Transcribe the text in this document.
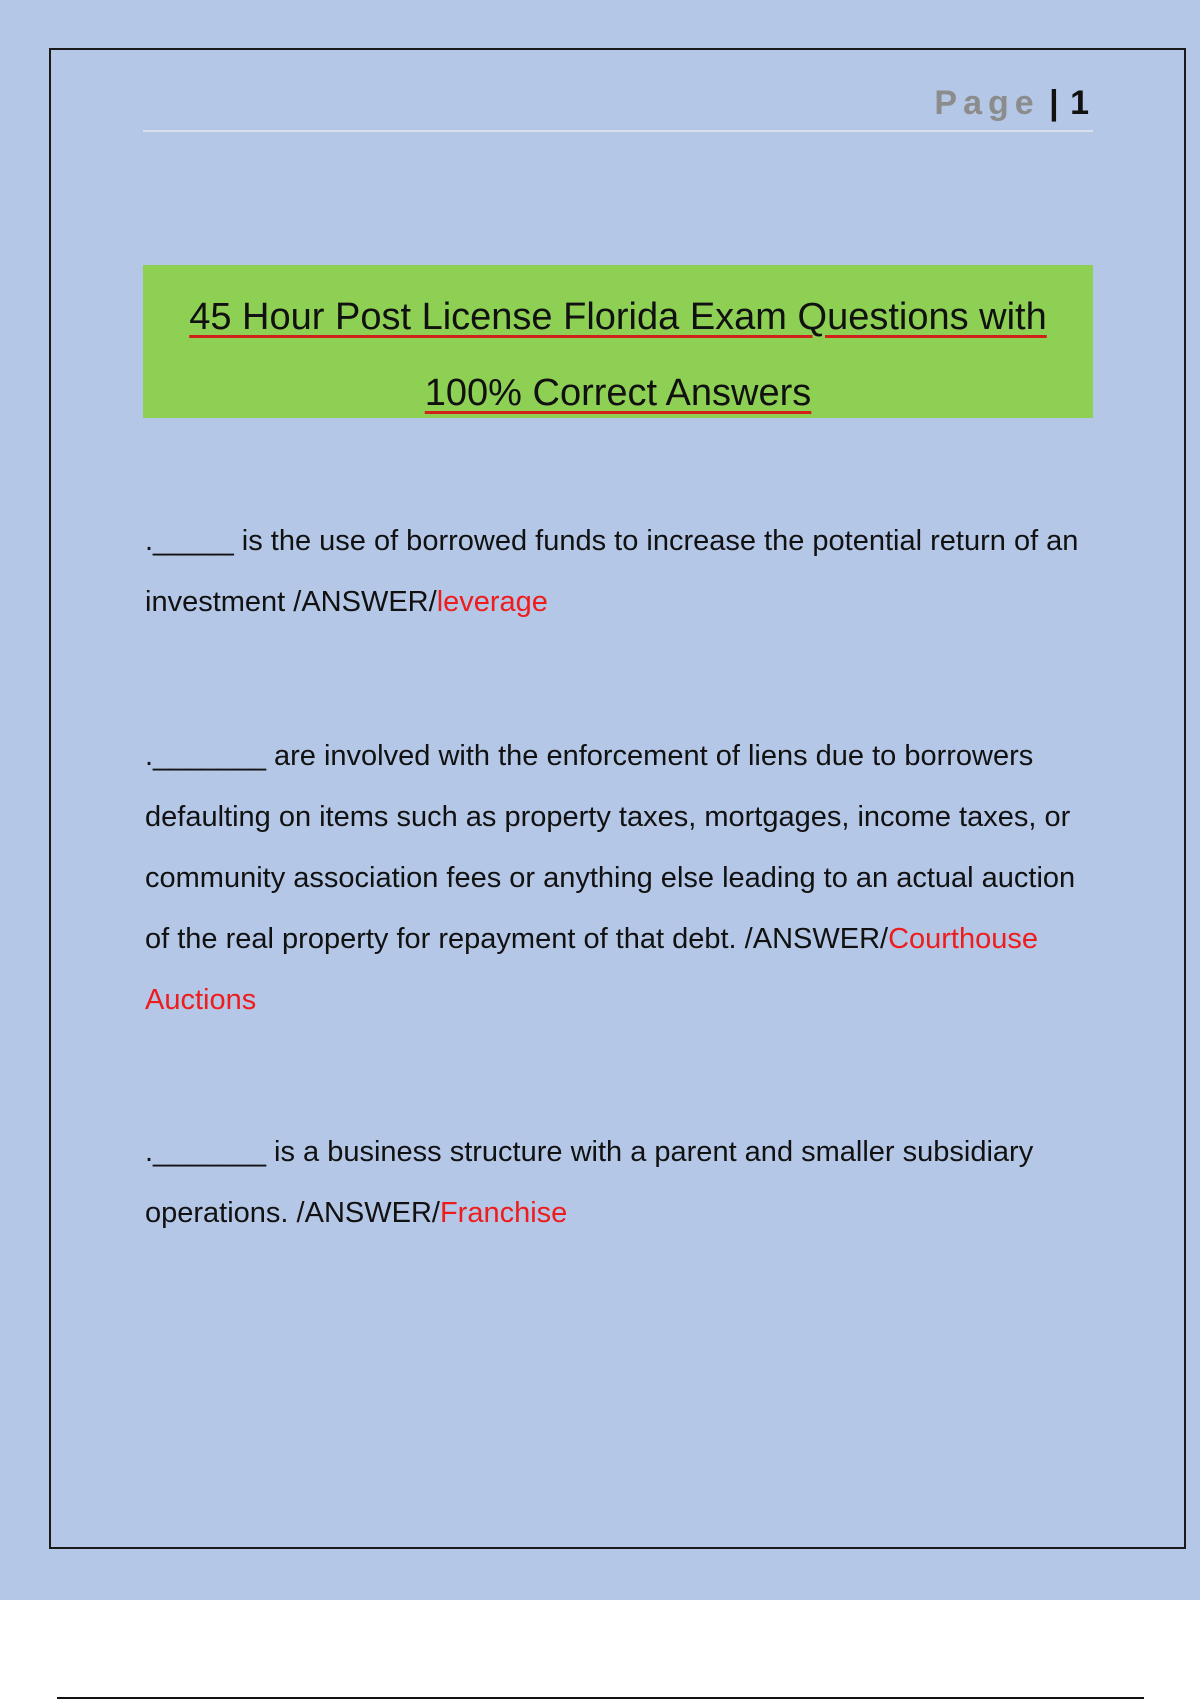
Page | 1
45 Hour Post License Florida Exam Questions with
100% Correct Answers
._____ is the use of borrowed funds to increase the potential return of an investment /ANSWER/leverage
._______ are involved with the enforcement of liens due to borrowers defaulting on items such as property taxes, mortgages, income taxes, or community association fees or anything else leading to an actual auction of the real property for repayment of that debt. /ANSWER/Courthouse Auctions
._______ is a business structure with a parent and smaller subsidiary operations. /ANSWER/Franchise
